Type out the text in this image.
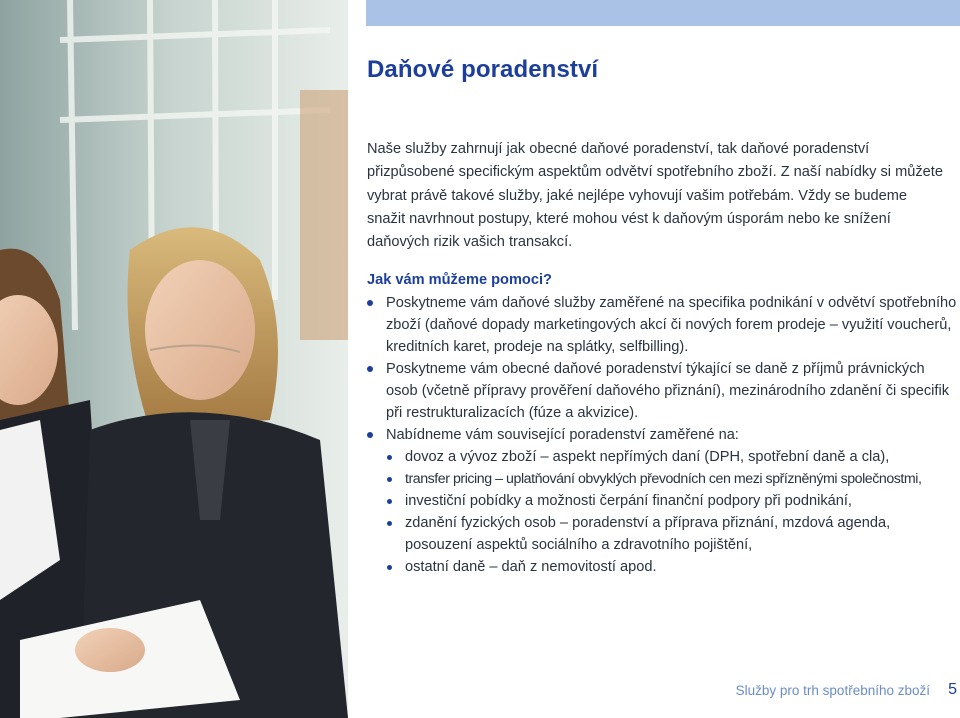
Daňové poradenství

Naše služby zahrnují jak obecné daňové poradenství, tak daňové poradenství přizpůsobené specifickým aspektům odvětví spotřebního zboží. Z naší nabídky si můžete vybrat právě takové služby, jaké nejlépe vyhovují vašim potřebám. Vždy se budeme snažit navrhnout postupy, které mohou vést k daňovým úsporám nebo ke snížení daňových rizik vašich transakcí.

Jak vám můžeme pomoci?
Poskytneme vám daňové služby zaměřené na specifika podnikání v odvětví spotřebního zboží (daňové dopady marketingových akcí či nových forem prodeje – využití voucherů, kreditních karet, prodeje na splátky, selfbilling).
Poskytneme vám obecné daňové poradenství týkající se daně z příjmů právnických osob (včetně přípravy prověření daňového přiznání), mezinárodního zdanění či specifik při restrukturalizacích (fúze a akvizice).
Nabídneme vám související poradenství zaměřené na:
dovoz a vývoz zboží – aspekt nepřímých daní (DPH, spotřební daně a cla),
transfer pricing – uplatňování obvyklých převodních cen mezi spřízněnými společnostmi,
investiční pobídky a možnosti čerpání finanční podpory při podnikání,
zdanění fyzických osob – poradenství a příprava přiznání, mzdová agenda, posouzení aspektů sociálního a zdravotního pojištění,
ostatní daně – daň z nemovitostí apod.
Služby pro trh spotřebního zboží 5
